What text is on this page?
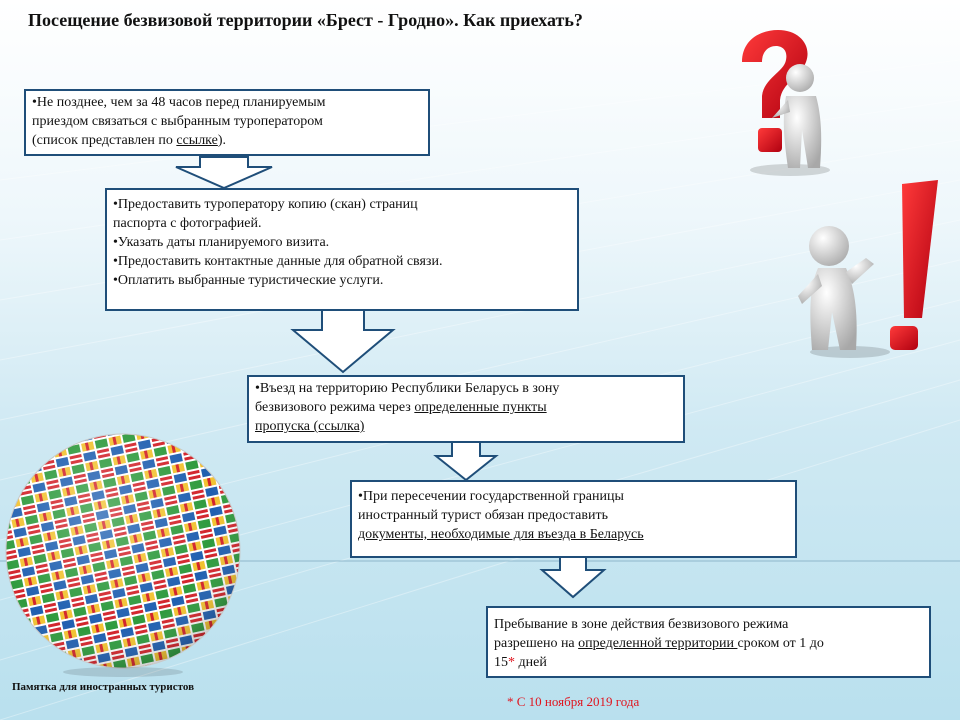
Посещение безвизовой территории «Брест - Гродно». Как приехать?

•Не позднее, чем за 48 часов перед планируемым

приездом связаться с выбранным туроператором

(список представлен по ссылке).

•Предоставить туроператору копию (скан) страниц

паспорта с фотографией.

•Указать даты планируемого визита.

•Предоставить контактные данные для обратной связи.

•Оплатить выбранные туристические услуги.

•Въезд на территорию Республики Беларусь в зону

безвизового режима через определенные пункты

пропуска (ссылка)

•При пересечении государственной границы

иностранный турист обязан предоставить

документы, необходимые для въезда в Беларусь

Пребывание в зоне действия безвизового режима

разрешено на определенной территории сроком от 1 до

15* дней

Памятка для иностранных туристов
* С 10 ноября 2019 года
